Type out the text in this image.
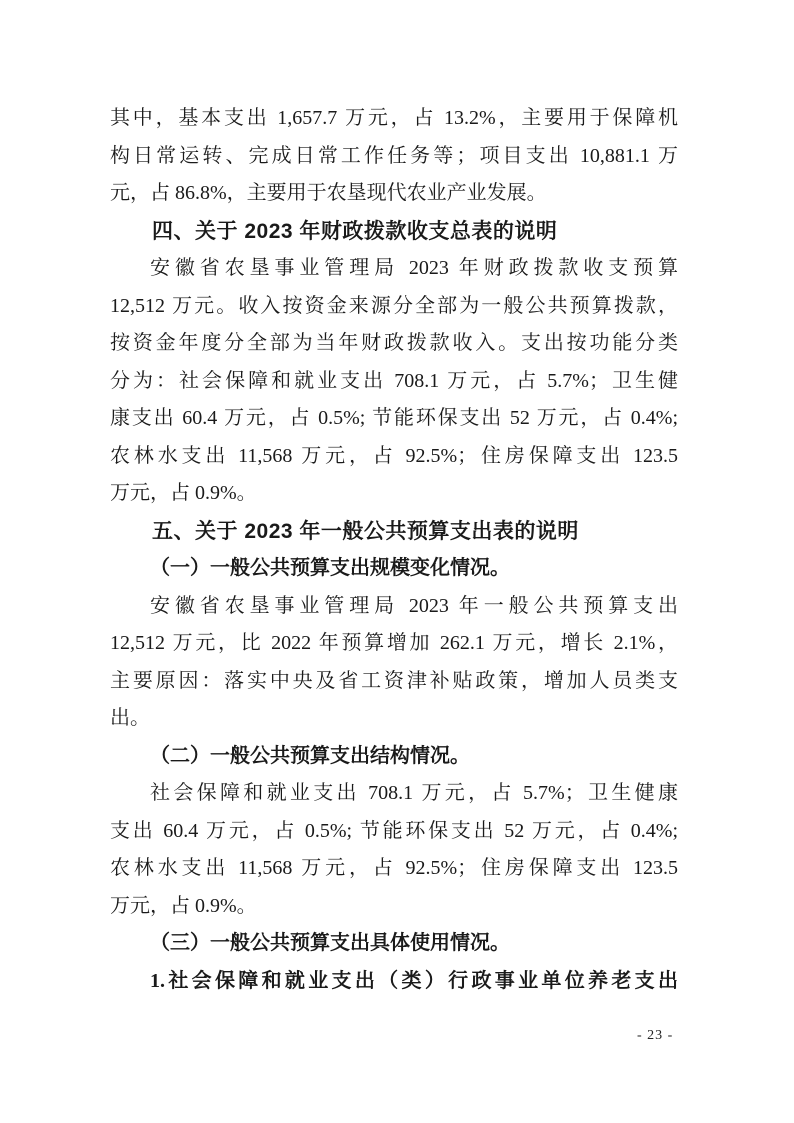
其中，基本支出 1,657.7 万元，占 13.2%，主要用于保障机
构日常运转、完成日常工作任务等；项目支出 10,881.1 万
元，占 86.8%，主要用于农垦现代农业产业发展。
四、关于 2023 年财政拨款收支总表的说明
安徽省农垦事业管理局 2023 年财政拨款收支预算
12,512 万元。收入按资金来源分全部为一般公共预算拨款，
按资金年度分全部为当年财政拨款收入。支出按功能分类
分为：社会保障和就业支出 708.1 万元，占 5.7%；卫生健
康支出 60.4 万元，占 0.5%; 节能环保支出 52 万元，占 0.4%;
农林水支出 11,568 万元，占 92.5%；住房保障支出 123.5
万元，占 0.9%。
五、关于 2023 年一般公共预算支出表的说明
（一）一般公共预算支出规模变化情况。
安徽省农垦事业管理局 2023 年一般公共预算支出
12,512 万元，比 2022 年预算增加 262.1 万元，增长 2.1%，
主要原因：落实中央及省工资津补贴政策，增加人员类支
出。
（二）一般公共预算支出结构情况。
社会保障和就业支出 708.1 万元，占 5.7%；卫生健康
支出 60.4 万元，占 0.5%; 节能环保支出 52 万元，占 0.4%;
农林水支出 11,568 万元，占 92.5%；住房保障支出 123.5
万元，占 0.9%。
（三）一般公共预算支出具体使用情况。
1.社会保障和就业支出（类）行政事业单位养老支出
- 23 -
